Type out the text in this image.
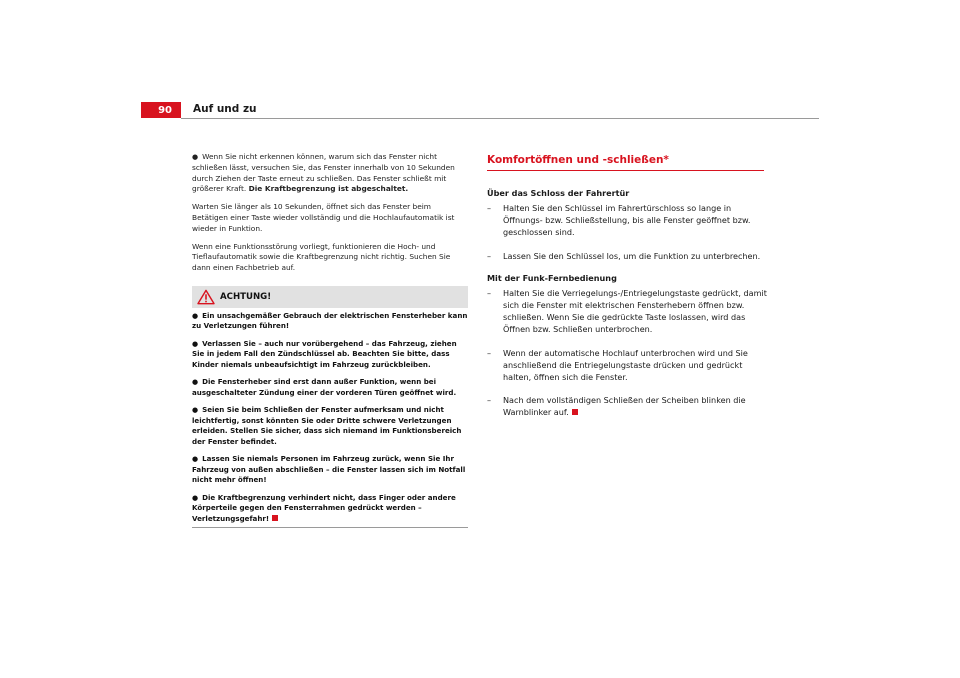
90 Auf und zu

● Wenn Sie nicht erkennen können, warum sich das Fenster nicht schließen lässt, versuchen Sie, das Fenster innerhalb von 10 Sekunden durch Ziehen der Taste erneut zu schließen. Das Fenster schließt mit größerer Kraft. Die Kraftbegrenzung ist abgeschaltet.

Warten Sie länger als 10 Sekunden, öffnet sich das Fenster beim Betätigen einer Taste wieder vollständig und die Hochlaufautomatik ist wieder in Funktion.

Wenn eine Funktionsstörung vorliegt, funktionieren die Hoch- und Tieflaufautomatik sowie die Kraftbegrenzung nicht richtig. Suchen Sie dann einen Fachbetrieb auf.

ACHTUNG!

● Ein unsachgemäßer Gebrauch der elektrischen Fensterheber kann zu Verletzungen führen!

● Verlassen Sie – auch nur vorübergehend – das Fahrzeug, ziehen Sie in jedem Fall den Zündschlüssel ab. Beachten Sie bitte, dass Kinder niemals unbeaufsichtigt im Fahrzeug zurückbleiben.

● Die Fensterheber sind erst dann außer Funktion, wenn bei ausgeschalteter Zündung einer der vorderen Türen geöffnet wird.

● Seien Sie beim Schließen der Fenster aufmerksam und nicht leichtfertig, sonst könnten Sie oder Dritte schwere Verletzungen erleiden. Stellen Sie sicher, dass sich niemand im Funktionsbereich der Fenster befindet.

● Lassen Sie niemals Personen im Fahrzeug zurück, wenn Sie Ihr Fahrzeug von außen abschließen – die Fenster lassen sich im Notfall nicht mehr öffnen!

● Die Kraftbegrenzung verhindert nicht, dass Finger oder andere Körperteile gegen den Fensterrahmen gedrückt werden – Verletzungsgefahr!

Komfortöffnen und -schließen*
Über das Schloss der Fahrertür
– Halten Sie den Schlüssel im Fahrertürschloss so lange in Öffnungs- bzw. Schließstellung, bis alle Fenster geöffnet bzw. geschlossen sind.
– Lassen Sie den Schlüssel los, um die Funktion zu unterbrechen.
Mit der Funk-Fernbedienung
– Halten Sie die Verriegelungs-/Entriegelungstaste gedrückt, damit sich die Fenster mit elektrischen Fensterhebern öffnen bzw. schließen. Wenn Sie die gedrückte Taste loslassen, wird das Öffnen bzw. Schließen unterbrochen.
– Wenn der automatische Hochlauf unterbrochen wird und Sie anschließend die Entriegelungstaste drücken und gedrückt halten, öffnen sich die Fenster.
– Nach dem vollständigen Schließen der Scheiben blinken die Warnblinker auf.
